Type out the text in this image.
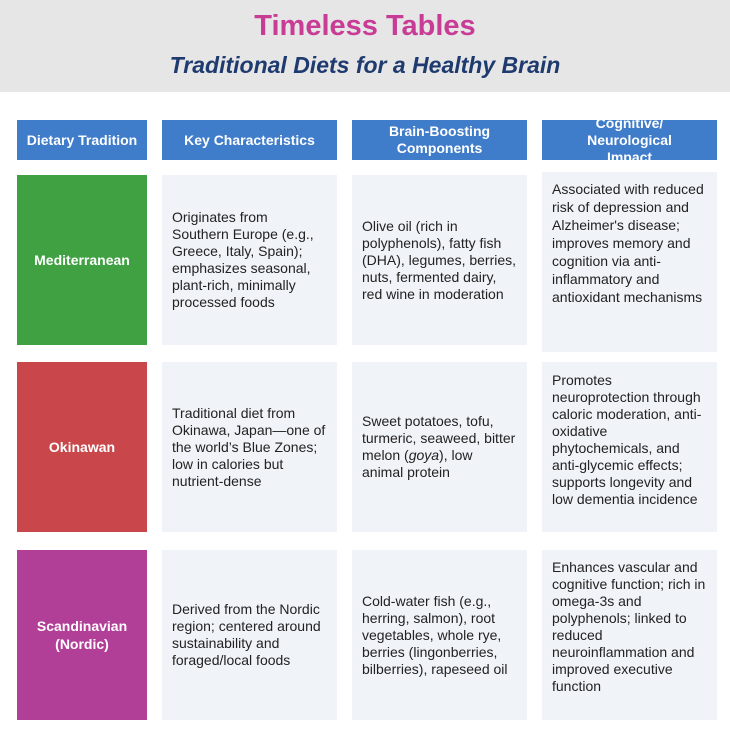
Timeless Tables
Traditional Diets for a Healthy Brain
Dietary Tradition	Key Characteristics
Brain-Boosting Components
Cognitive/ Neurological Impact
Mediterranean
Originates from Southern Europe (e.g., Greece, Italy, Spain); emphasizes seasonal, plant-rich, minimally processed foods
Olive oil (rich in polyphenols), fatty fish (DHA), legumes, berries, nuts, fermented dairy, red wine in moderation
Associated with reduced risk of depression and Alzheimer's disease; improves memory and cognition via anti-inflammatory and antioxidant mechanisms
Okinawan
Traditional diet from Okinawa, Japan—one of the world’s Blue Zones; low in calories but nutrient-dense
Sweet potatoes, tofu, turmeric, seaweed, bitter melon (goya), low animal protein
Promotes neuroprotection through caloric moderation, anti-oxidative phytochemicals, and anti-glycemic effects; supports longevity and low dementia incidence
Scandinavian (Nordic)
Derived from the Nordic region; centered around sustainability and foraged/local foods
Cold-water fish (e.g., herring, salmon), root vegetables, whole rye, berries (lingonberries, bilberries), rapeseed oil
Enhances vascular and cognitive function; rich in omega-3s and polyphenols; linked to reduced neuroinflammation and improved executive function
